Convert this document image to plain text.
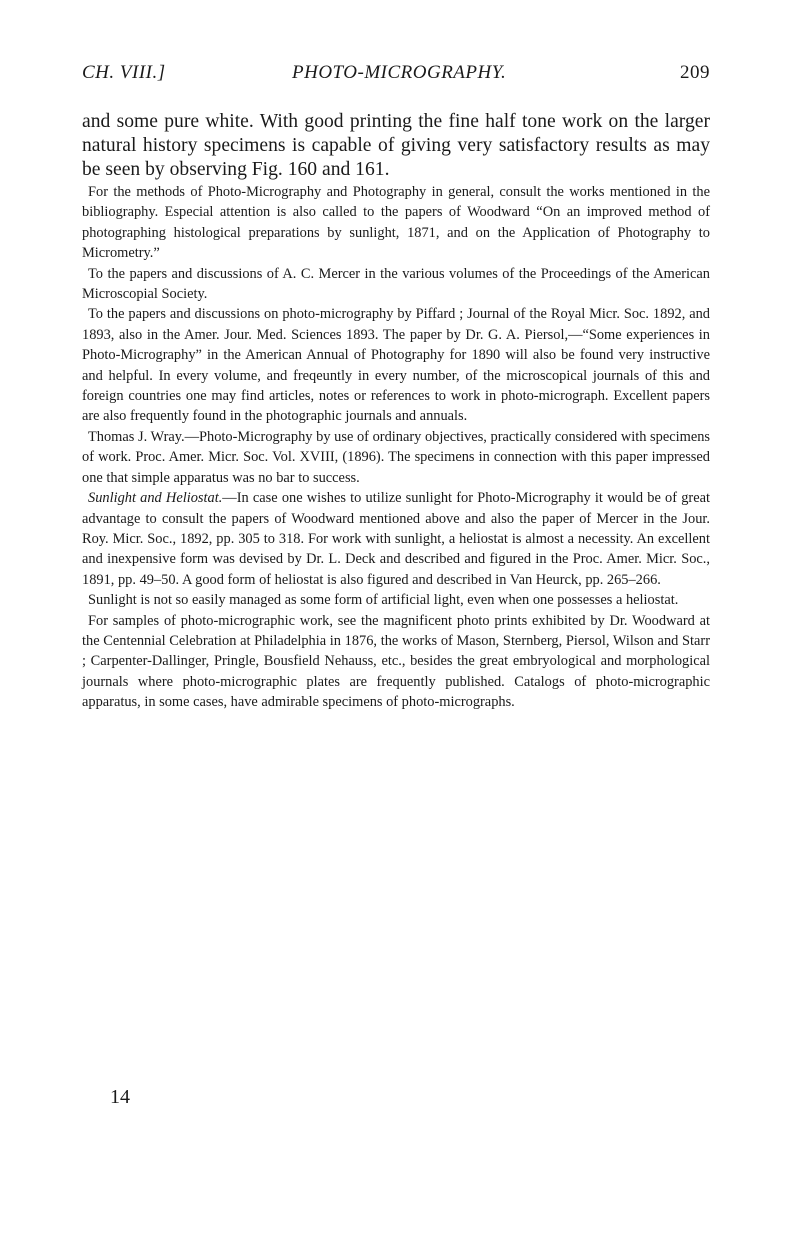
CH. VIII.]	PHOTO-MICROGRAPHY.	209

and some pure white. With good printing the fine half tone work on the larger natural history specimens is capable of giving very satisfactory results as may be seen by observing Fig. 160 and 161.

For the methods of Photo-Micrography and Photography in general, consult the works mentioned in the bibliography. Especial attention is also called to the papers of Woodward “On an improved method of photographing histological preparations by sunlight, 1871, and on the Application of Photography to Micrometry.”

To the papers and discussions of A. C. Mercer in the various volumes of the Proceedings of the American Microscopial Society.

To the papers and discussions on photo-micrography by Piffard ; Journal of the Royal Micr. Soc. 1892, and 1893, also in the Amer. Jour. Med. Sciences 1893. The paper by Dr. G. A. Piersol,—“Some experiences in Photo-Micrography” in the American Annual of Photography for 1890 will also be found very instructive and helpful. In every volume, and freqeuntly in every number, of the microscopical journals of this and foreign countries one may find articles, notes or references to work in photo-micrograph. Excellent papers are also frequently found in the photographic journals and annuals.

Thomas J. Wray.—Photo-Micrography by use of ordinary objectives, practically considered with specimens of work. Proc. Amer. Micr. Soc. Vol. XVIII, (1896). The specimens in connection with this paper impressed one that simple apparatus was no bar to success.

Sunlight and Heliostat.—In case one wishes to utilize sunlight for Photo-Micrography it would be of great advantage to consult the papers of Woodward mentioned above and also the paper of Mercer in the Jour. Roy. Micr. Soc., 1892, pp. 305 to 318. For work with sunlight, a heliostat is almost a necessity. An excellent and inexpensive form was devised by Dr. L. Deck and described and figured in the Proc. Amer. Micr. Soc., 1891, pp. 49–50. A good form of heliostat is also figured and described in Van Heurck, pp. 265–266.

Sunlight is not so easily managed as some form of artificial light, even when one possesses a heliostat.

For samples of photo-micrographic work, see the magnificent photo prints exhibited by Dr. Woodward at the Centennial Celebration at Philadelphia in 1876, the works of Mason, Sternberg, Piersol, Wilson and Starr ; Carpenter-Dallinger, Pringle, Bousfield Nehauss, etc., besides the great embryological and morphological journals where photo-micrographic plates are frequently published. Catalogs of photo-micrographic apparatus, in some cases, have admirable specimens of photo-micrographs.

14
